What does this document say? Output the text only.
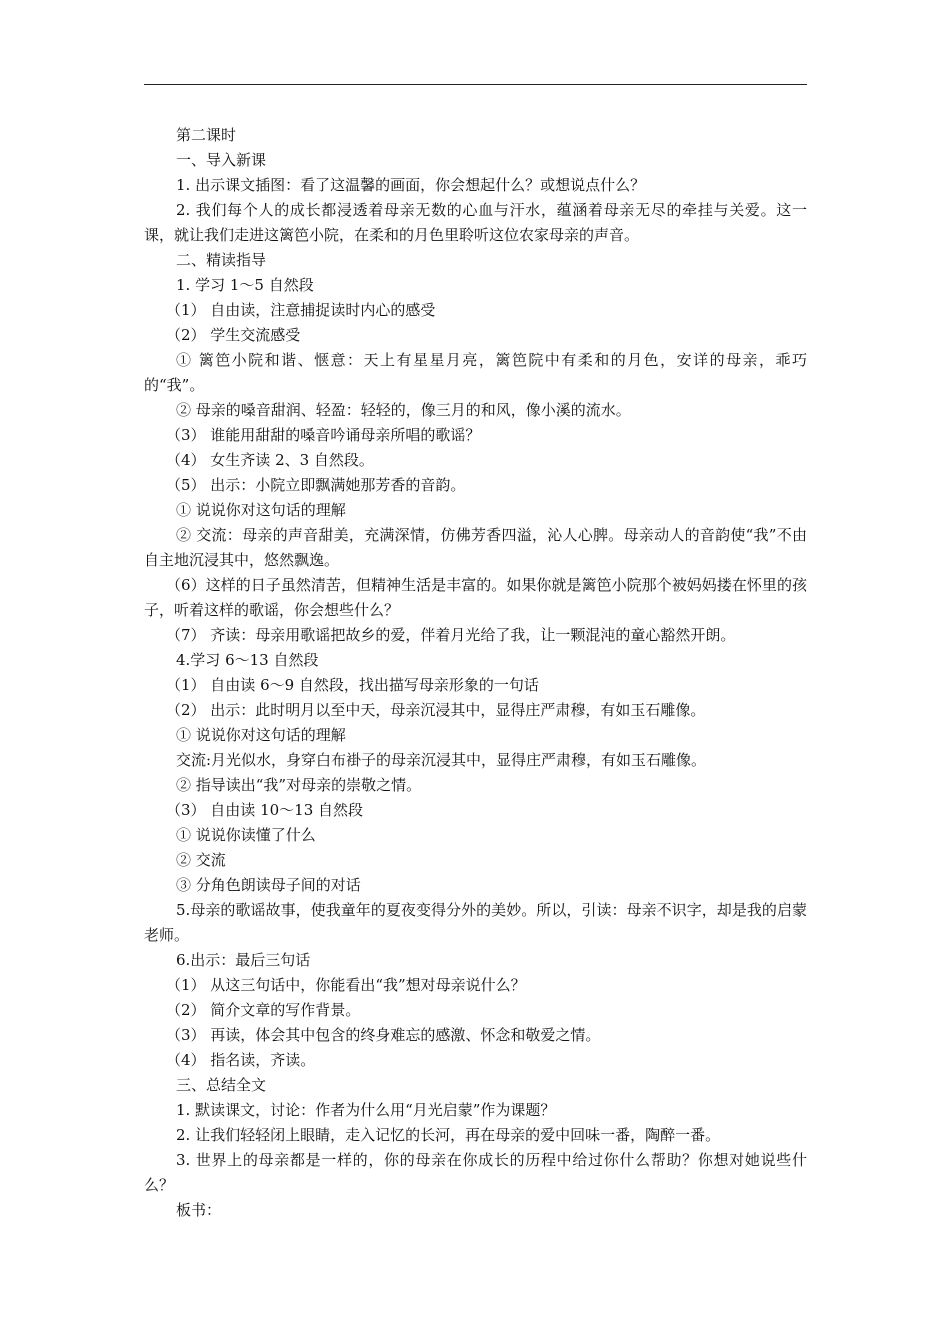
第二课时

一、导入新课

1. 出示课文插图：看了这温馨的画面，你会想起什么？或想说点什么？

2. 我们每个人的成长都浸透着母亲无数的心血与汗水，蕴涵着母亲无尽的牵挂与关爱。这一课，就让我们走进这篱笆小院，在柔和的月色里聆听这位农家母亲的声音。

二、精读指导

1. 学习 1～5 自然段

（1） 自由读，注意捕捉读时内心的感受

（2） 学生交流感受

① 篱笆小院和谐、惬意：天上有星星月亮，篱笆院中有柔和的月色，安详的母亲，乖巧的“我”。

② 母亲的嗓音甜润、轻盈：轻轻的，像三月的和风，像小溪的流水。

（3） 谁能用甜甜的嗓音吟诵母亲所唱的歌谣？

（4） 女生齐读 2、3 自然段。

（5） 出示：小院立即飘满她那芳香的音韵。

① 说说你对这句话的理解

② 交流：母亲的声音甜美，充满深情，仿佛芳香四溢，沁人心脾。母亲动人的音韵使“我”不由自主地沉浸其中，悠然飘逸。

（6）这样的日子虽然清苦，但精神生活是丰富的。如果你就是篱笆小院那个被妈妈搂在怀里的孩子，听着这样的歌谣，你会想些什么？

（7） 齐读：母亲用歌谣把故乡的爱，伴着月光给了我，让一颗混沌的童心豁然开朗。

4.学习 6～13 自然段

（1） 自由读 6～9 自然段，找出描写母亲形象的一句话

（2） 出示：此时明月以至中天，母亲沉浸其中，显得庄严肃穆，有如玉石雕像。

① 说说你对这句话的理解

交流:月光似水，身穿白布褂子的母亲沉浸其中，显得庄严肃穆，有如玉石雕像。

② 指导读出“我”对母亲的崇敬之情。

（3） 自由读 10～13 自然段

① 说说你读懂了什么

② 交流

③ 分角色朗读母子间的对话

5.母亲的歌谣故事，使我童年的夏夜变得分外的美妙。所以，引读：母亲不识字，却是我的启蒙老师。

6.出示：最后三句话

（1） 从这三句话中，你能看出“我”想对母亲说什么？

（2） 简介文章的写作背景。

（3） 再读，体会其中包含的终身难忘的感激、怀念和敬爱之情。

（4） 指名读，齐读。

三、总结全文

1. 默读课文，讨论：作者为什么用“月光启蒙”作为课题？

2. 让我们轻轻闭上眼睛，走入记忆的长河，再在母亲的爱中回味一番，陶醉一番。

3. 世界上的母亲都是一样的，你的母亲在你成长的历程中给过你什么帮助？你想对她说些什么？

板书：
